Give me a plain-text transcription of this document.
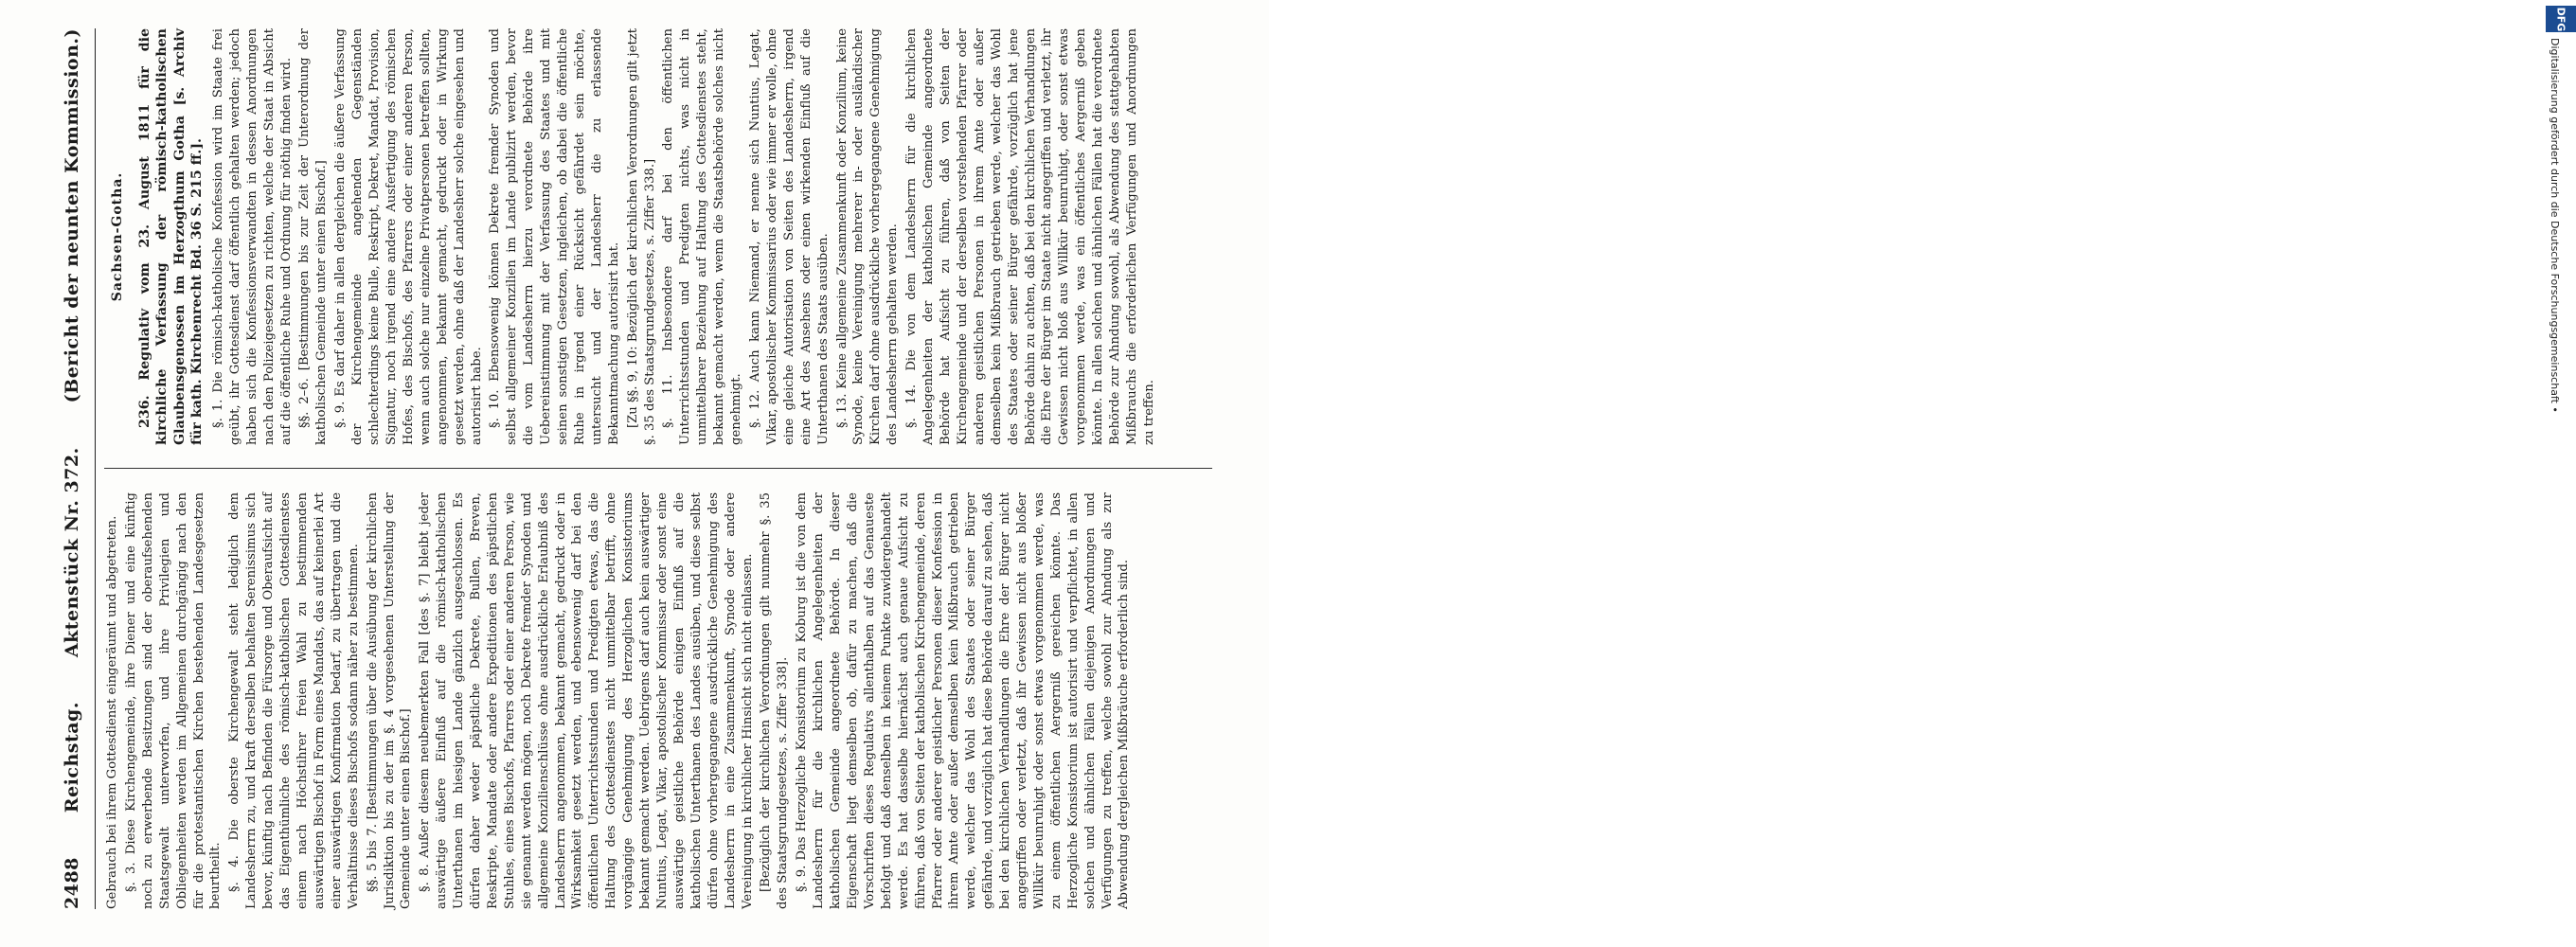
2488
Reichstag.
Aktenstück Nr. 372.
(Bericht der neunten Kommission.)

Gebrauch bei ihrem Gottesdienst eingeräumt und abgetreten. §. 3. Diese Kirchengemeinde, ihre Diener und eine künftig noch zu erwerbende Besitzungen sind der oberaufsehenden Staatsgewalt unterworfen, und ihre Privilegien und Obliegenheiten werden im Allgemeinen durchgängig nach den für die protestantischen Kirchen bestehenden Landesgesetzen beurtheilt. §. 4. Die oberste Kirchengewalt steht lediglich dem Landesherrn zu, und kraft derselben behalten Serenissimus sich bevor, künftig nach Befinden die Fürsorge und Oberaufsicht auf das Eigenthümliche des römisch-katholischen Gottesdienstes einem nach Höchstihrer freien Wahl zu bestimmenden auswärtigen Bischof in Form eines Mandats, das auf keinerlei Art einer auswärtigen Konfirmation bedarf, zu übertragen und die Verhältnisse dieses Bischofs sodann näher zu bestimmen. §§. 5 bis 7. [Bestimmungen über die Ausübung der kirchlichen Jurisdiktion bis zu der im §. 4 vorgesehenen Unterstellung der Gemeinde unter einen Bischof.] §. 8. Außer diesem neubemerkten Fall [des §. 7] bleibt jeder auswärtige äußere Einfluß auf die römisch-katholischen Unterthanen im hiesigen Lande gänzlich ausgeschlossen. Es dürfen daher weder päpstliche Dekrete, Bullen, Breven, Reskripte, Mandate oder andere Expeditionen des päpstlichen Stuhles, eines Bischofs, Pfarrers oder einer anderen Person, wie sie genannt werden mögen, noch Dekrete fremder Synoden und allgemeine Konzilienschlüsse ohne ausdrückliche Erlaubniß des Landesherrn angenommen, bekannt gemacht, gedruckt oder in Wirksamkeit gesetzt werden, und ebensowenig darf bei den öffentlichen Unterrichtsstunden und Predigten etwas, das die Haltung des Gottesdienstes nicht unmittelbar betrifft, ohne vorgängige Genehmigung des Herzoglichen Konsistoriums bekannt gemacht werden. Uebrigens darf auch kein auswärtiger Nuntius, Legat, Vikar, apostolischer Kommissar oder sonst eine auswärtige geistliche Behörde einigen Einfluß auf die katholischen Unterthanen des Landes ausüben, und diese selbst dürfen ohne vorhergegangene ausdrückliche Genehmigung des Landesherrn in eine Zusammenkunft, Synode oder andere Vereinigung in kirchlicher Hinsicht sich nicht einlassen. [Bezüglich der kirchlichen Verordnungen gilt nunmehr §. 35 des Staatsgrundgesetzes, s. Ziffer 338]. §. 9. Das Herzogliche Konsistorium zu Koburg ist die von dem Landesherrn für die kirchlichen Angelegenheiten der katholischen Gemeinde angeordnete Behörde. In dieser Eigenschaft liegt demselben ob, dafür zu machen, daß die Vorschriften dieses Regulativs allenthalben auf das Genaueste befolgt und daß denselben in keinem Punkte zuwidergehandelt werde. Es hat dasselbe hiernächst auch genaue Aufsicht zu führen, daß von Seiten der katholischen Kirchengemeinde, deren Pfarrer oder anderer geistlicher Personen dieser Konfession in ihrem Amte oder außer demselben kein Mißbrauch getrieben werde, welcher das Wohl des Staates oder seiner Bürger gefährde, und vorzüglich hat diese Behörde darauf zu sehen, daß bei den kirchlichen Verhandlungen die Ehre der Bürger nicht angegriffen oder verletzt, daß ihr Gewissen nicht aus bloßer Willkür beunruhigt oder sonst etwas vorgenommen werde, was zu einem öffentlichen Aergerniß gereichen könnte. Das Herzogliche Konsistorium ist autorisirt und verpflichtet, in allen solchen und ähnlichen Fällen diejenigen Anordnungen und Verfügungen zu treffen, welche sowohl zur Ahndung als zur Abwendung dergleichen Mißbräuche erforderlich sind.

Sachsen-Gotha. 236. Regulativ vom 23. August 1811 für die kirchliche Verfassung der römisch-katholischen Glaubensgenossen im Herzogthum Gotha [s. Archiv für kath. Kirchenrecht Bd. 36 S. 215 ff.]. §. 1. Die römisch-katholische Konfession wird im Staate frei geübt, ihr Gottesdienst darf öffentlich gehalten werden; jedoch haben sich die Konfessionsverwandten in dessen Anordnungen nach den Polizeigesetzen zu richten, welche der Staat in Absicht auf die öffentliche Ruhe und Ordnung für nöthig finden wird. §§. 2–6. [Bestimmungen bis zur Zeit der Unterordnung der katholischen Gemeinde unter einen Bischof.] §. 9. Es darf daher in allen dergleichen die äußere Verfassung der Kirchengemeinde angehenden Gegenständen schlechterdings keine Bulle, Reskript, Dekret, Mandat, Provision, Signatur, noch irgend eine andere Ausfertigung des römischen Hofes, des Bischofs, des Pfarrers oder einer anderen Person, wenn auch solche nur einzelne Privatpersonen betreffen sollten, angenommen, bekannt gemacht, gedruckt oder in Wirkung gesetzt werden, ohne daß der Landesherr solche eingesehen und autorisirt habe. §. 10. Ebensowenig können Dekrete fremder Synoden und selbst allgemeiner Konzilien im Lande publizirt werden, bevor die vom Landesherrn hierzu verordnete Behörde ihre Uebereinstimmung mit der Verfassung des Staates und mit seinen sonstigen Gesetzen, ingleichen, ob dabei die öffentliche Ruhe in irgend einer Rücksicht gefährdet sein möchte, untersucht und der Landesherr die zu erlassende Bekanntmachung autorisirt hat. [Zu §§. 9, 10: Bezüglich der kirchlichen Verordnungen gilt jetzt §. 35 des Staatsgrundgesetzes, s. Ziffer 338.] §. 11. Insbesondere darf bei den öffentlichen Unterrichtsstunden und Predigten nichts, was nicht in unmittelbarer Beziehung auf Haltung des Gottesdienstes steht, bekannt gemacht werden, wenn die Staatsbehörde solches nicht genehmigt. §. 12. Auch kann Niemand, er nenne sich Nuntius, Legat, Vikar, apostolischer Kommissarius oder wie immer er wolle, ohne eine gleiche Autorisation von Seiten des Landesherrn, irgend eine Art des Ansehens oder einen wirkenden Einfluß auf die Unterthanen des Staats ausüben. §. 13. Keine allgemeine Zusammenkunft oder Konzilium, keine Synode, keine Vereinigung mehrerer in- oder ausländischer Kirchen darf ohne ausdrückliche vorhergegangene Genehmigung des Landesherrn gehalten werden. §. 14. Die von dem Landesherrn für die kirchlichen Angelegenheiten der katholischen Gemeinde angeordnete Behörde hat Aufsicht zu führen, daß von Seiten der Kirchengemeinde und der derselben vorstehenden Pfarrer oder anderen geistlichen Personen in ihrem Amte oder außer demselben kein Mißbrauch getrieben werde, welcher das Wohl des Staates oder seiner Bürger gefährde, vorzüglich hat jene Behörde dahin zu achten, daß bei den kirchlichen Verhandlungen die Ehre der Bürger im Staate nicht angegriffen und verletzt, ihr Gewissen nicht bloß aus Willkür beunruhigt, oder sonst etwas vorgenommen werde, was ein öffentliches Aergerniß geben könnte. In allen solchen und ähnlichen Fällen hat die verordnete Behörde zur Ahndung sowohl, als Abwendung des stattgehabten Mißbrauchs die erforderlichen Verfügungen und Anordnungen zu treffen.

DFG
Digitalisierung gefördert durch die Deutsche Forschungsgemeinschaft •
